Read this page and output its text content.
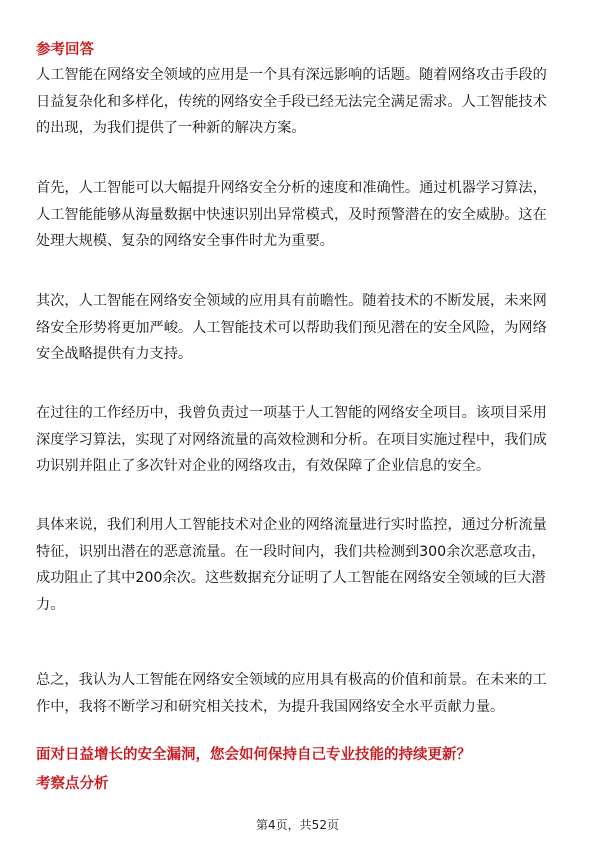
参考回答

人工智能在网络安全领域的应用是一个具有深远影响的话题。随着网络攻击手段的
日益复杂化和多样化，传统的网络安全手段已经无法完全满足需求。人工智能技术
的出现，为我们提供了一种新的解决方案。

首先，人工智能可以大幅提升网络安全分析的速度和准确性。通过机器学习算法，
人工智能能够从海量数据中快速识别出异常模式，及时预警潜在的安全威胁。这在
处理大规模、复杂的网络安全事件时尤为重要。

其次，人工智能在网络安全领域的应用具有前瞻性。随着技术的不断发展，未来网
络安全形势将更加严峻。人工智能技术可以帮助我们预见潜在的安全风险，为网络
安全战略提供有力支持。

在过往的工作经历中，我曾负责过一项基于人工智能的网络安全项目。该项目采用
深度学习算法，实现了对网络流量的高效检测和分析。在项目实施过程中，我们成
功识别并阻止了多次针对企业的网络攻击，有效保障了企业信息的安全。

具体来说，我们利用人工智能技术对企业的网络流量进行实时监控，通过分析流量
特征，识别出潜在的恶意流量。在一段时间内，我们共检测到300余次恶意攻击，
成功阻止了其中200余次。这些数据充分证明了人工智能在网络安全领域的巨大潜
力。

总之，我认为人工智能在网络安全领域的应用具有极高的价值和前景。在未来的工
作中，我将不断学习和研究相关技术，为提升我国网络安全水平贡献力量。

面对日益增长的安全漏洞，您会如何保持自己专业技能的持续更新？
考察点分析
第4页，共52页
